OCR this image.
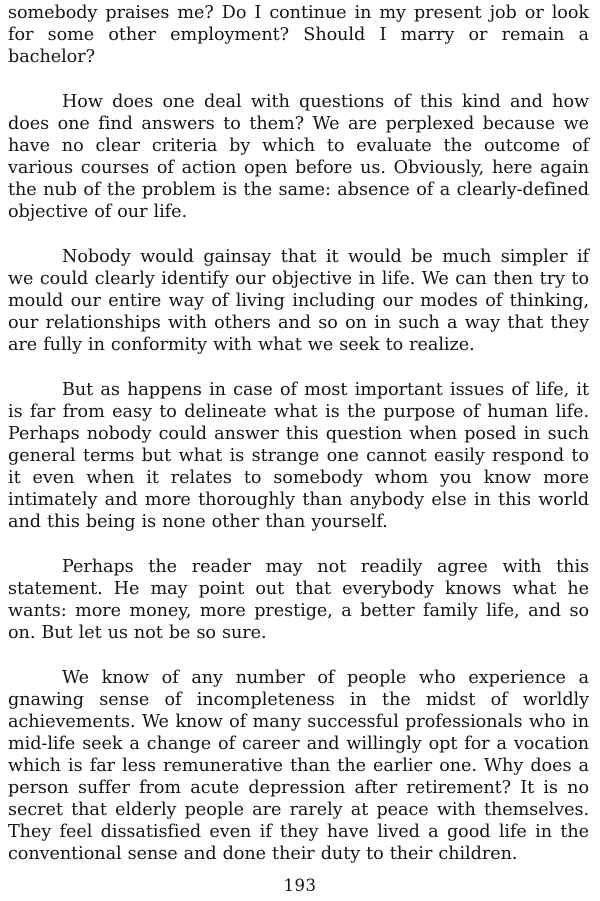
somebody praises me? Do I continue in my present job or look for some other employment? Should I marry or remain a bachelor?

How does one deal with questions of this kind and how does one find answers to them? We are perplexed because we have no clear criteria by which to evaluate the outcome of various courses of action open before us. Obviously, here again the nub of the problem is the same: absence of a clearly-defined objective of our life.

Nobody would gainsay that it would be much simpler if we could clearly identify our objective in life. We can then try to mould our entire way of living including our modes of thinking, our relationships with others and so on in such a way that they are fully in conformity with what we seek to realize.

But as happens in case of most important issues of life, it is far from easy to delineate what is the purpose of human life. Perhaps nobody could answer this question when posed in such general terms but what is strange one cannot easily respond to it even when it relates to somebody whom you know more intimately and more thoroughly than anybody else in this world and this being is none other than yourself.

Perhaps the reader may not readily agree with this statement. He may point out that everybody knows what he wants: more money, more prestige, a better family life, and so on. But let us not be so sure.

We know of any number of people who experience a gnawing sense of incompleteness in the midst of worldly achievements. We know of many successful professionals who in mid-life seek a change of career and willingly opt for a vocation which is far less remunerative than the earlier one. Why does a person suffer from acute depression after retirement? It is no secret that elderly people are rarely at peace with themselves. They feel dissatisfied even if they have lived a good life in the conventional sense and done their duty to their children.

193
